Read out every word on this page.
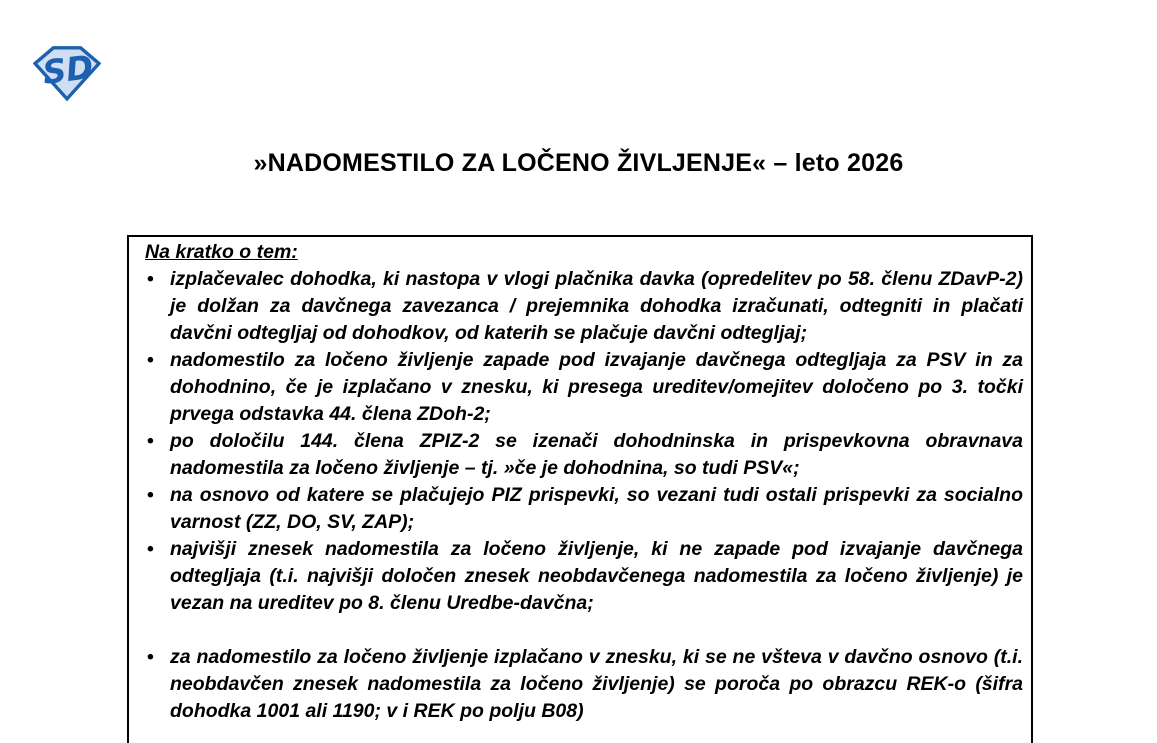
SD
»NADOMESTILO ZA LOČENO ŽIVLJENJE« – leto 2026
Na kratko o tem:
• izplačevalec dohodka, ki nastopa v vlogi plačnika davka (opredelitev po 58. členu ZDavP-2) je dolžan za davčnega zavezanca / prejemnika dohodka izračunati, odtegniti in plačati davčni odtegljaj od dohodkov, od katerih se plačuje davčni odtegljaj;
• nadomestilo za ločeno življenje zapade pod izvajanje davčnega odtegljaja za PSV in za dohodnino, če je izplačano v znesku, ki presega ureditev/omejitev določeno po 3. točki prvega odstavka 44. člena ZDoh-2;
• po določilu 144. člena ZPIZ-2 se izenači dohodninska in prispevkovna obravnava nadomestila za ločeno življenje – tj. »če je dohodnina, so tudi PSV«;
• na osnovo od katere se plačujejo PIZ prispevki, so vezani tudi ostali prispevki za socialno varnost (ZZ, DO, SV, ZAP);
• najvišji znesek nadomestila za ločeno življenje, ki ne zapade pod izvajanje davčnega odtegljaja (t.i. najvišji določen znesek neobdavčenega nadomestila za ločeno življenje) je vezan na ureditev po 8. členu Uredbe-davčna;
• za nadomestilo za ločeno življenje izplačano v znesku, ki se ne všteva v davčno osnovo (t.i. neobdavčen znesek nadomestila za ločeno življenje) se poroča po obrazcu REK-o (šifra dohodka 1001 ali 1190; v i REK po polju B08)
